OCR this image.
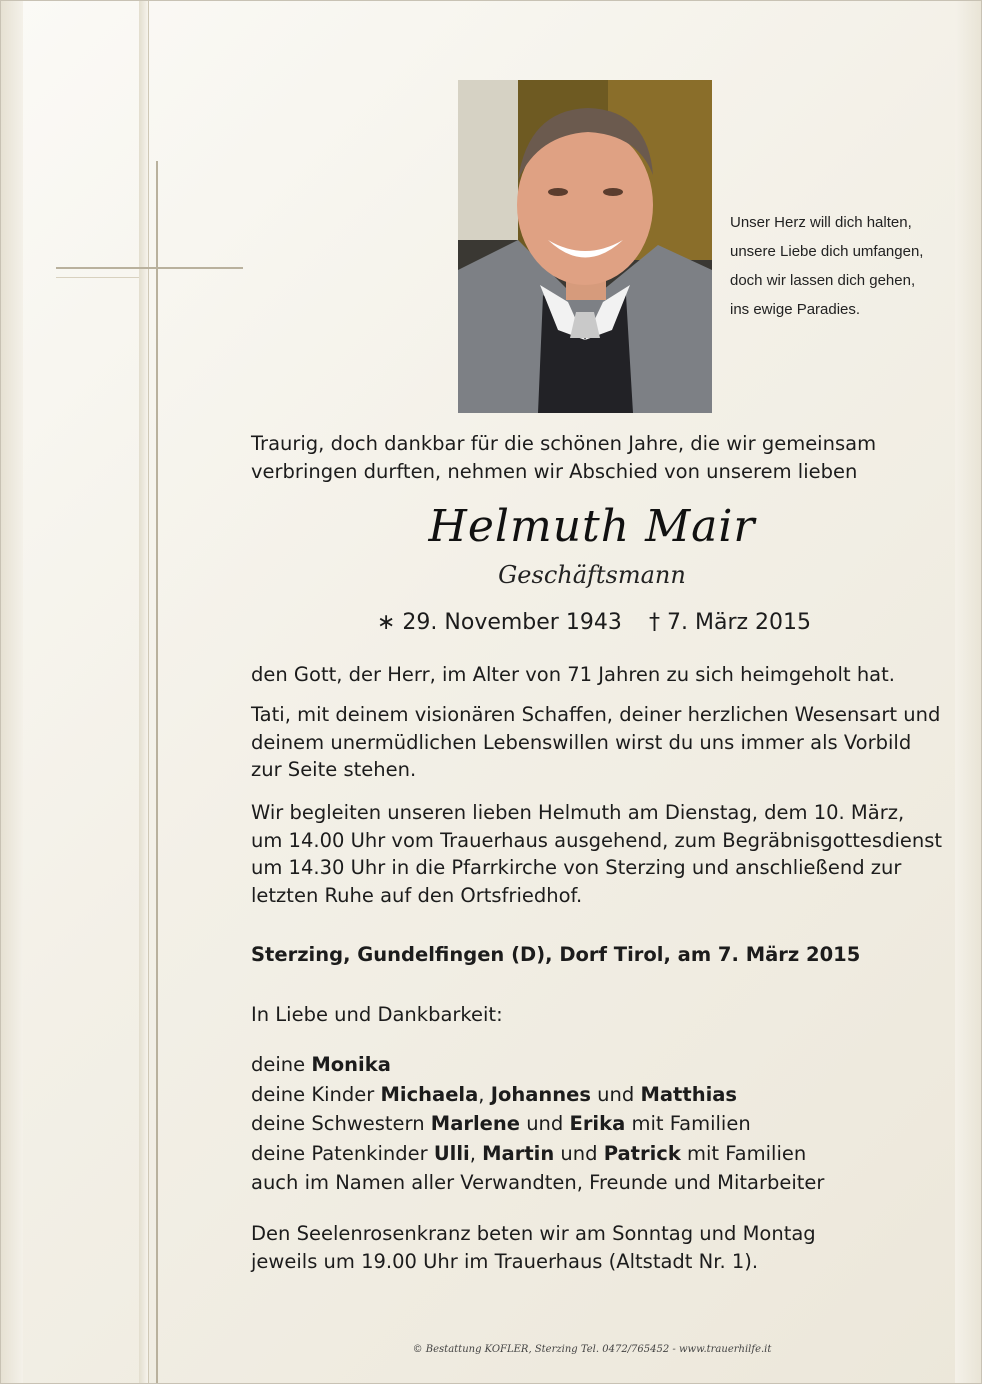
Unser Herz will dich halten,
unsere Liebe dich umfangen,
doch wir lassen dich gehen,
ins ewige Paradies.
Traurig, doch dankbar für die schönen Jahre, die wir gemeinsam
verbringen durften, nehmen wir Abschied von unserem lieben
Helmuth Mair
Geschäftsmann
∗ 29. November 1943 † 7. März 2015
den Gott, der Herr, im Alter von 71 Jahren zu sich heimgeholt hat.
Tati, mit deinem visionären Schaffen, deiner herzlichen Wesensart und
deinem unermüdlichen Lebenswillen wirst du uns immer als Vorbild
zur Seite stehen.
Wir begleiten unseren lieben Helmuth am Dienstag, dem 10. März,
um 14.00 Uhr vom Trauerhaus ausgehend, zum Begräbnisgottesdienst
um 14.30 Uhr in die Pfarrkirche von Sterzing und anschließend zur
letzten Ruhe auf den Ortsfriedhof.
Sterzing, Gundelfingen (D), Dorf Tirol, am 7. März 2015
In Liebe und Dankbarkeit:
deine Monika
deine Kinder Michaela, Johannes und Matthias
deine Schwestern Marlene und Erika mit Familien
deine Patenkinder Ulli, Martin und Patrick mit Familien
auch im Namen aller Verwandten, Freunde und Mitarbeiter
Den Seelenrosenkranz beten wir am Sonntag und Montag
jeweils um 19.00 Uhr im Trauerhaus (Altstadt Nr. 1).
© Bestattung KOFLER, Sterzing Tel. 0472/765452 - www.trauerhilfe.it
